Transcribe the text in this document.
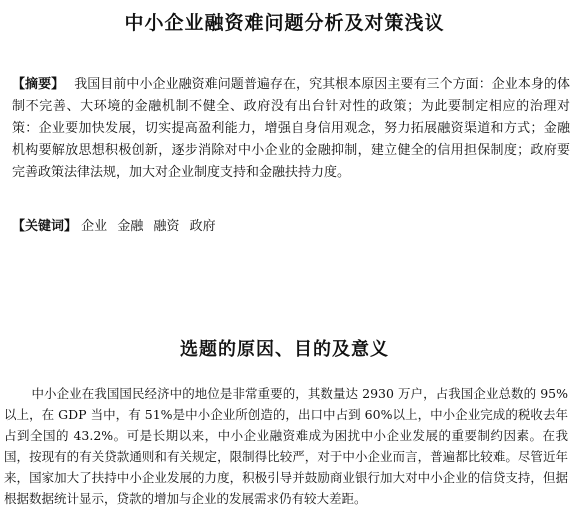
中小企业融资难问题分析及对策浅议
【摘要】 我国目前中小企业融资难问题普遍存在，究其根本原因主要有三个方面：企业本身的体制不完善、大环境的金融机制不健全、政府没有出台针对性的政策；为此要制定相应的治理对策：企业要加快发展，切实提高盈利能力，增强自身信用观念，努力拓展融资渠道和方式；金融机构要解放思想积极创新，逐步消除对中小企业的金融抑制，建立健全的信用担保制度；政府要完善政策法律法规，加大对企业制度支持和金融扶持力度。
【关键词】 企业 金融 融资 政府
选题的原因、目的及意义
中小企业在我国国民经济中的地位是非常重要的，其数量达 2930 万户，占我国企业总数的 95%以上，在 GDP 当中，有 51%是中小企业所创造的，出口中占到 60%以上，中小企业完成的税收去年占到全国的 43.2%。可是长期以来，中小企业融资难成为困扰中小企业发展的重要制约因素。在我国，按现有的有关贷款通则和有关规定，限制得比较严，对于中小企业而言，普遍都比较难。尽管近年来，国家加大了扶持中小企业发展的力度，积极引导并鼓励商业银行加大对中小企业的信贷支持，但据根据数据统计显示，贷款的增加与企业的发展需求仍有较大差距。
